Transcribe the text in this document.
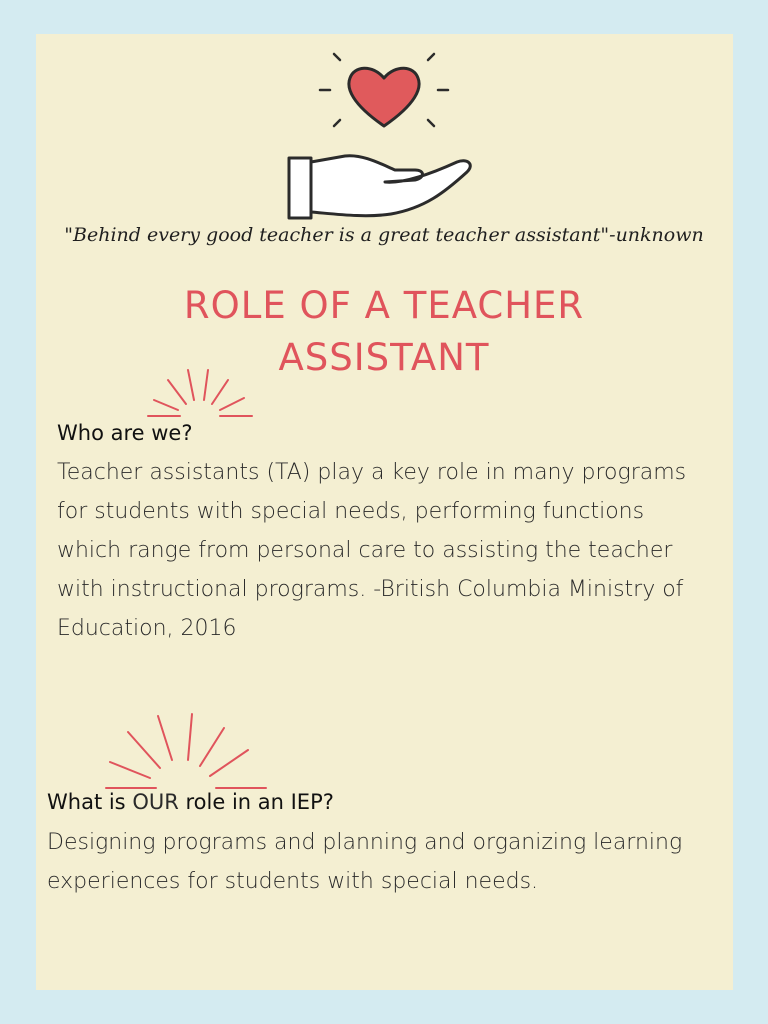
"Behind every good teacher is a great teacher assistant"-unknown
ROLE OF A TEACHER
ASSISTANT
Who are we?
Teacher assistants (TA) play a key role in many programs for students with special needs, performing functions which range from personal care to assisting the teacher with instructional programs. -British Columbia Ministry of Education, 2016
What is OUR role in an IEP?
Designing programs and planning and organizing learning experiences for students with special needs.
